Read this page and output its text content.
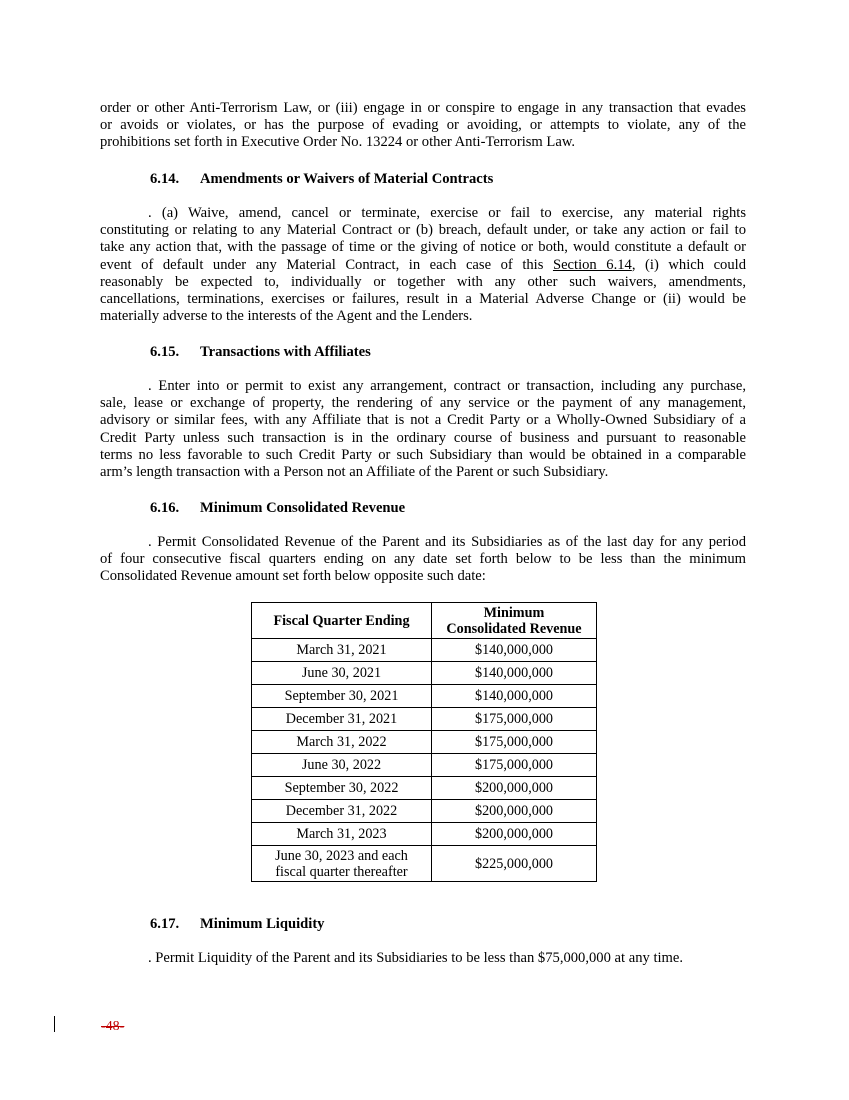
order or other Anti-Terrorism Law, or (iii) engage in or conspire to engage in any transaction that evades
or avoids or violates, or has the purpose of evading or avoiding, or attempts to violate, any of the
prohibitions set forth in Executive Order No. 13224 or other Anti-Terrorism Law.

6.14. Amendments or Waivers of Material Contracts

. (a) Waive, amend, cancel or terminate, exercise or fail to exercise, any material rights
constituting or relating to any Material Contract or (b) breach, default under, or take any action or fail to
take any action that, with the passage of time or the giving of notice or both, would constitute a default or
event of default under any Material Contract, in each case of this Section 6.14, (i) which could
reasonably be expected to, individually or together with any other such waivers, amendments,
cancellations, terminations, exercises or failures, result in a Material Adverse Change or (ii) would be
materially adverse to the interests of the Agent and the Lenders.

6.15. Transactions with Affiliates

. Enter into or permit to exist any arrangement, contract or transaction, including any purchase,
sale, lease or exchange of property, the rendering of any service or the payment of any management,
advisory or similar fees, with any Affiliate that is not a Credit Party or a Wholly-Owned Subsidiary of a
Credit Party unless such transaction is in the ordinary course of business and pursuant to reasonable
terms no less favorable to such Credit Party or such Subsidiary than would be obtained in a comparable
arm’s length transaction with a Person not an Affiliate of the Parent or such Subsidiary.

6.16. Minimum Consolidated Revenue

. Permit Consolidated Revenue of the Parent and its Subsidiaries as of the last day for any period
of four consecutive fiscal quarters ending on any date set forth below to be less than the minimum
Consolidated Revenue amount set forth below opposite such date:

Fiscal Quarter Ending	Minimum
Consolidated Revenue
March 31, 2021	$140,000,000
June 30, 2021	$140,000,000
September 30, 2021	$140,000,000
December 31, 2021	$175,000,000
March 31, 2022	$175,000,000
June 30, 2022	$175,000,000
September 30, 2022	$200,000,000
December 31, 2022	$200,000,000
March 31, 2023	$200,000,000
June 30, 2023 and each
fiscal quarter thereafter	$225,000,000
6.17. Minimum Liquidity

. Permit Liquidity of the Parent and its Subsidiaries to be less than $75,000,000 at any time.

-48-
